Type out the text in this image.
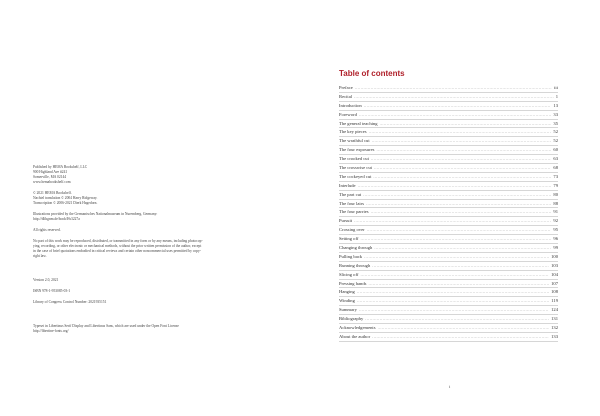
Published by HEMA Bookshelf, LLC
900 Highland Ave #241
Somerville, MA 02144
www.hemabookshelf.com

© 2021 HEMA Bookshelf.
Nachtel translation © 2004 Harry Ridgeway.
Transcription © 2006-2021 Dierk Hagedorn.

Illustrations provided by the Germanisches Nationalmuseum in Nuremberg, Germany:
http://dlibgnm.de/book/Hs3227a

All rights reserved.

No part of this work may be reproduced, distributed, or transmitted in any form or by any means, including photocop-
ying, recording, or other electronic or mechanical methods, without the prior written permission of the author, except
in the case of brief quotations embodied in critical reviews and certain other noncommercial uses permitted by copy-
right law.

Version 2.0, 2021

ISBN 978-1-953085-03-1

Library of Congress Control Number: 2021935151

Typeset in Libertinus Serif Display and Libertinus Sans, which are used under the Open Font License
http://libertine-fonts.org/

Table of contents
Preface .....	iii
Recital .....	1
Introduction .....	13
Foreword .....	33
The general teaching .....	35
The key pieces .....	52
The wrathful cut .....	52
The four exposures .....	60
The crooked cut .....	63
The crosswise cut .....	68
The cockeyed cut .....	73
Interlude .....	79
The part cut .....	80
The four lairs .....	88
The four parries .....	91
Pursuit .....	92
Crossing over .....	95
Setting off .....	96
Changing through .....	99
Pulling back .....	100
Running through .....	103
Slicing off .....	104
Pressing hands .....	107
Hanging .....	108
Winding .....	119
Summary .....	124
Bibliography .....	131
Acknowledgements .....	132
About the author .....	133
i
